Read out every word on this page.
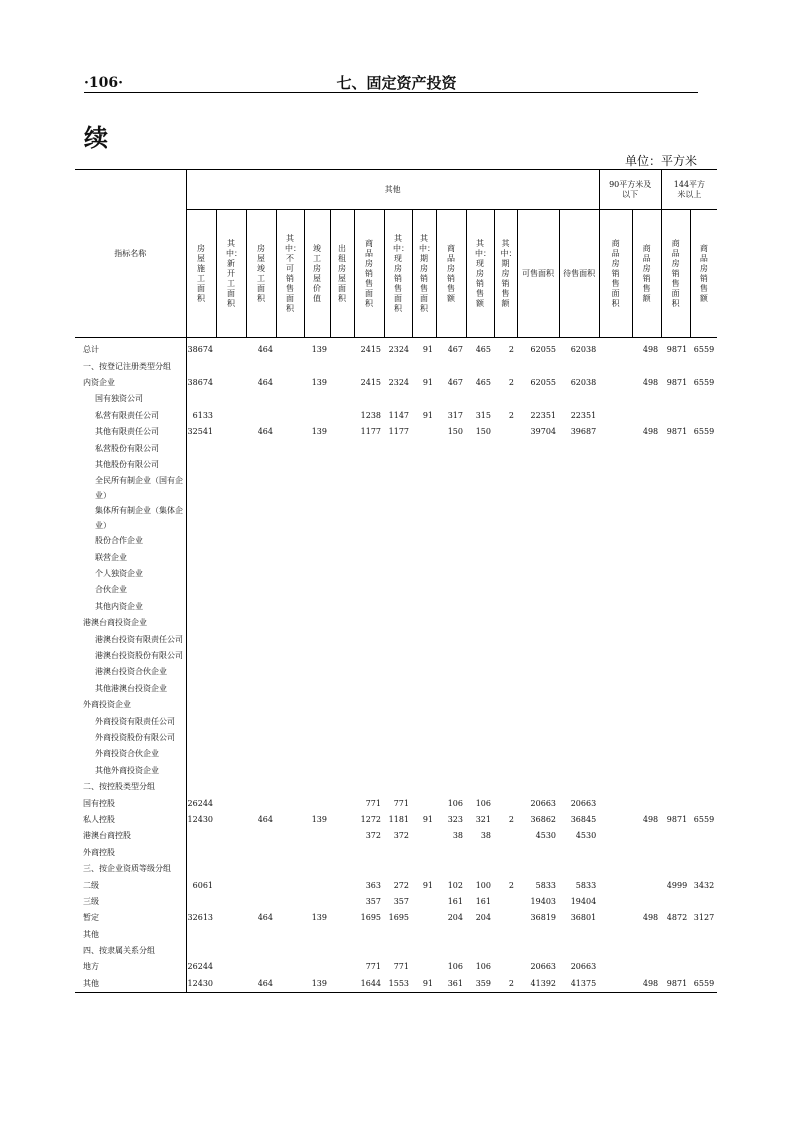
·106·	七、固定资产投资
续
单位：平方米
指标名称	其他														90平方米及以下		144平方米以上	
	房屋施工面积	其中：新开工面积	房屋竣工面积	其中：不可销售面积	竣工房屋价值	出租房屋面积	商品房销售面积	其中：现房销售面积	其中：期房销售面积	商品房销售额	其中：现房销售额	其中：期房销售额	可售面积	待售面积	商品房销售面积	商品房销售额	商品房销售面积	商品房销售额
总计	38674		464		139		2415	2324	91	467	465	2	62055	62038		498	9871	6559
一、按登记注册类型分组																		
内资企业	38674		464		139		2415	2324	91	467	465	2	62055	62038		498	9871	6559
国有独资公司																		
私营有限责任公司	6133						1238	1147	91	317	315	2	22351	22351				
其他有限责任公司	32541		464		139		1177	1177		150	150		39704	39687		498	9871	6559
私营股份有限公司																		
其他股份有限公司																		
全民所有制企业（国有企业）																		
集体所有制企业（集体企业）																		
股份合作企业																		
联营企业																		
个人独资企业																		
合伙企业																		
其他内资企业																		
港澳台商投资企业																		
港澳台投资有限责任公司																		
港澳台投资股份有限公司																		
港澳台投资合伙企业																		
其他港澳台投资企业																		
外商投资企业																		
外商投资有限责任公司																		
外商投资股份有限公司																		
外商投资合伙企业																		
其他外商投资企业																		
二、按控股类型分组																		
国有控股	26244						771	771		106	106		20663	20663				
私人控股	12430		464		139		1272	1181	91	323	321	2	36862	36845		498	9871	6559
港澳台商控股							372	372		38	38		4530	4530				
外商控股																		
三、按企业资质等级分组																		
二级	6061						363	272	91	102	100	2	5833	5833			4999	3432
三级							357	357		161	161		19403	19404				
暂定	32613		464		139		1695	1695		204	204		36819	36801		498	4872	3127
其他																		
四、按隶属关系分组																		
地方	26244						771	771		106	106		20663	20663				
其他	12430		464		139		1644	1553	91	361	359	2	41392	41375		498	9871	6559
